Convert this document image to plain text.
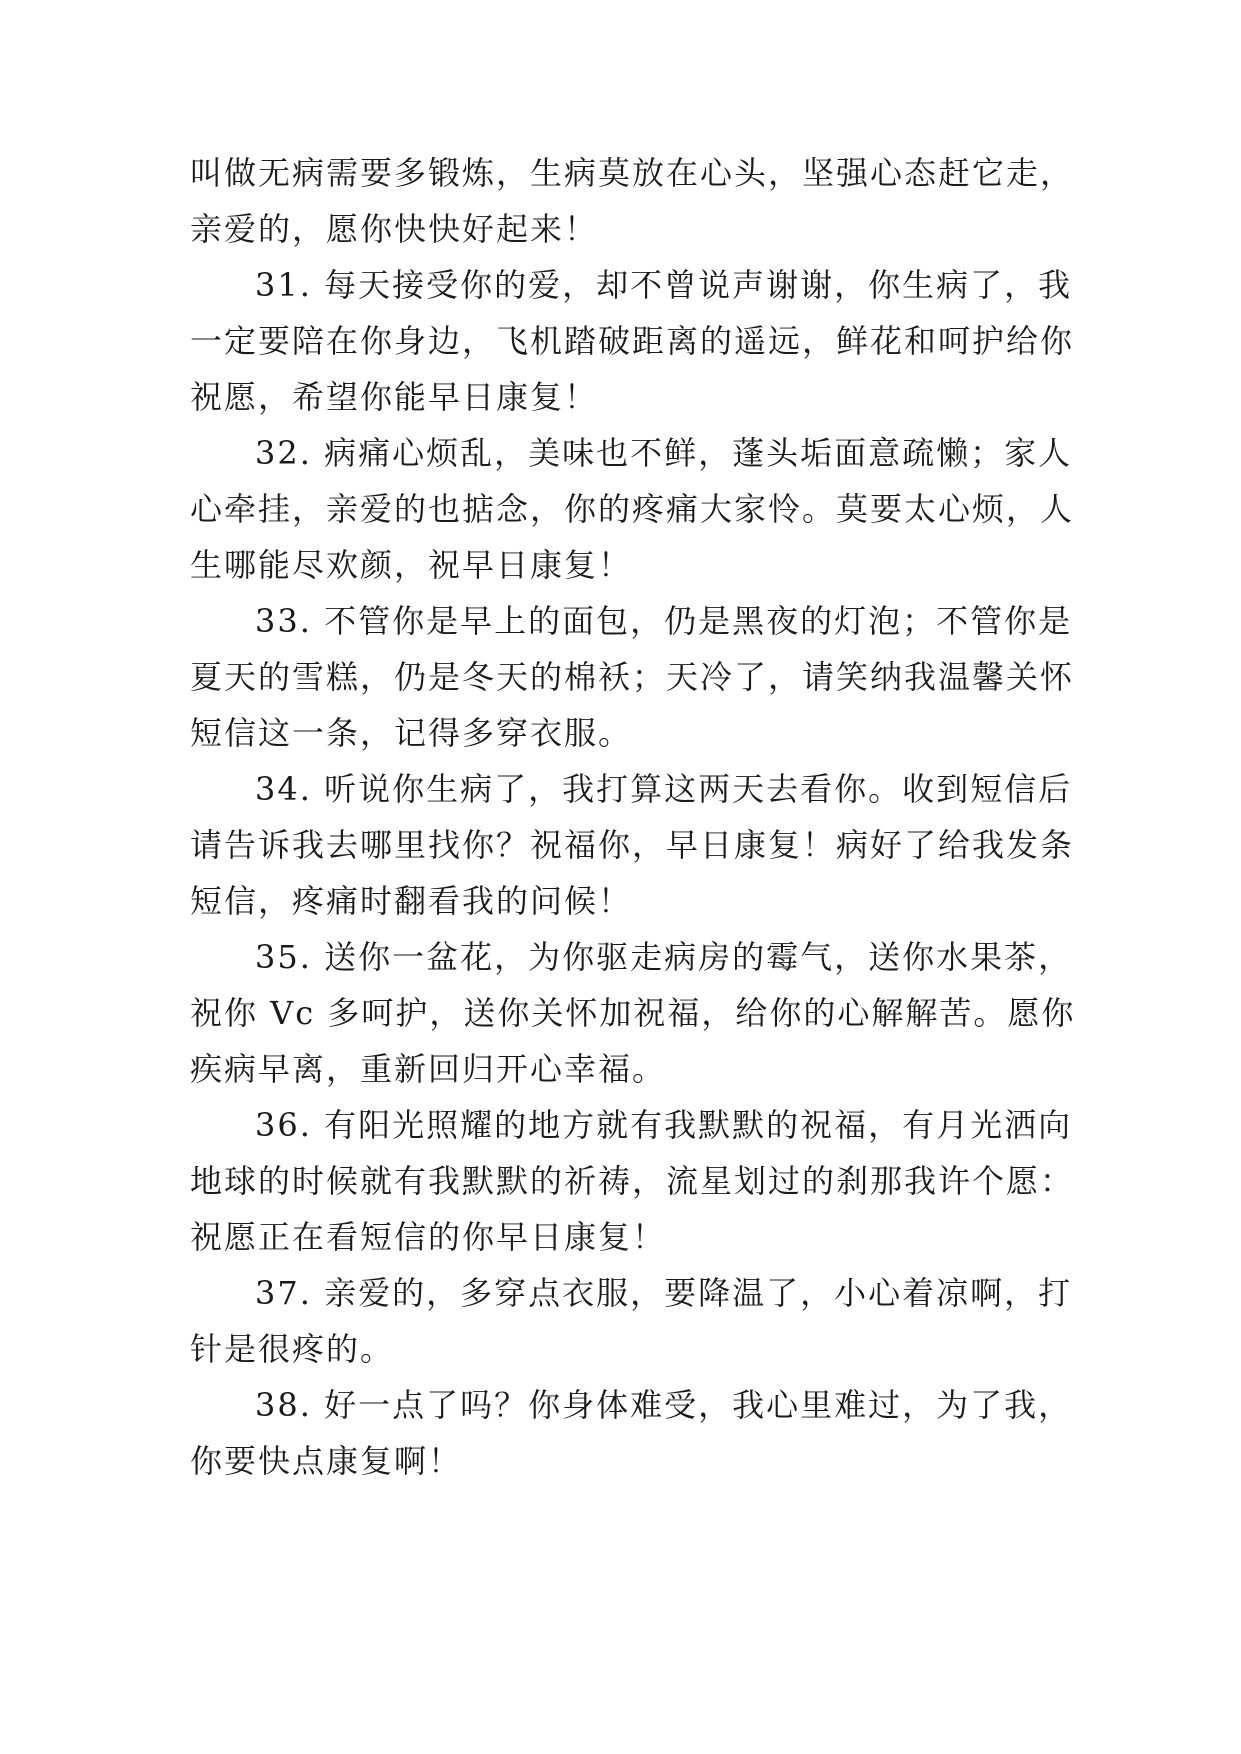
叫做无病需要多锻炼，生病莫放在心头，坚强心态赶它走，
亲爱的，愿你快快好起来！
31. 每天接受你的爱，却不曾说声谢谢，你生病了，我
一定要陪在你身边，飞机踏破距离的遥远，鲜花和呵护给你
祝愿，希望你能早日康复！
32. 病痛心烦乱，美味也不鲜，蓬头垢面意疏懒；家人
心牵挂，亲爱的也掂念，你的疼痛大家怜。莫要太心烦，人
生哪能尽欢颜，祝早日康复！
33. 不管你是早上的面包，仍是黑夜的灯泡；不管你是
夏天的雪糕，仍是冬天的棉袄；天冷了，请笑纳我温馨关怀
短信这一条，记得多穿衣服。
34. 听说你生病了，我打算这两天去看你。收到短信后
请告诉我去哪里找你？祝福你，早日康复！病好了给我发条
短信，疼痛时翻看我的问候！
35. 送你一盆花，为你驱走病房的霉气，送你水果茶，
祝你 Vc 多呵护，送你关怀加祝福，给你的心解解苦。愿你
疾病早离，重新回归开心幸福。
36. 有阳光照耀的地方就有我默默的祝福，有月光洒向
地球的时候就有我默默的祈祷，流星划过的刹那我许个愿：
祝愿正在看短信的你早日康复！
37. 亲爱的，多穿点衣服，要降温了，小心着凉啊，打
针是很疼的。
38. 好一点了吗？你身体难受，我心里难过，为了我，
你要快点康复啊！
